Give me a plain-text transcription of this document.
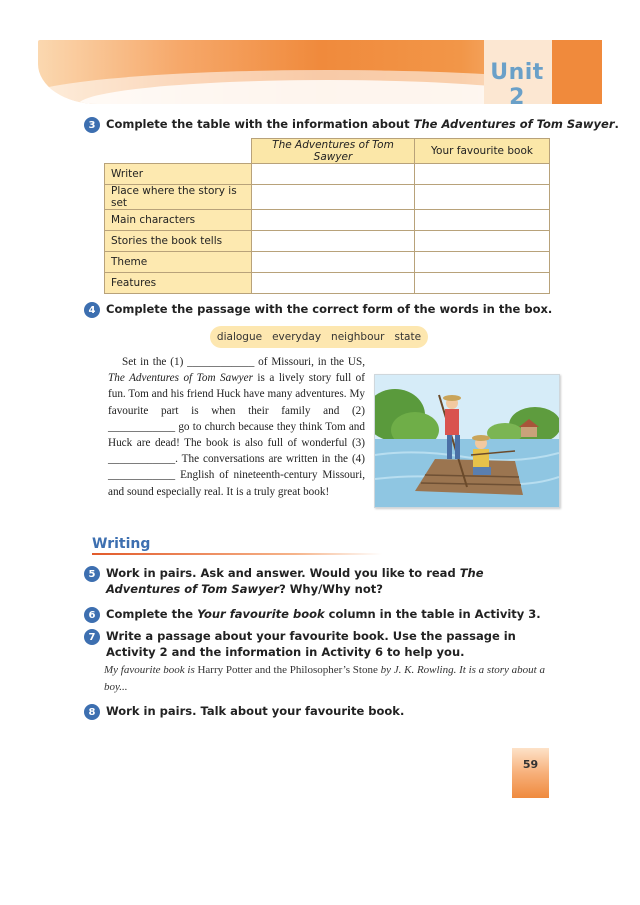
Unit 2
3 Complete the table with the information about The Adventures of Tom Sawyer.
	The Adventures of Tom Sawyer	Your favourite book
Writer		
Place where the story is set		
Main characters		
Stories the book tells		
Theme		
Features		
4 Complete the passage with the correct form of the words in the box.
dialogue everyday neighbour state

Set in the (1) ____________ of Missouri, in the US, The Adventures of Tom Sawyer is a lively story full of fun. Tom and his friend Huck have many adventures. My favourite part is when their family and (2) ____________ go to church because they think Tom and Huck are dead! The book is also full of wonderful (3) ____________. The conversations are written in the (4) ____________ English of nineteenth-century Missouri, and sound especially real. It is a truly great book!

Writing
5 Work in pairs. Ask and answer. Would you like to read The Adventures of Tom Sawyer? Why/Why not?
6 Complete the Your favourite book column in the table in Activity 3.
7 Write a passage about your favourite book. Use the passage in Activity 2 and the information in Activity 6 to help you.
My favourite book is Harry Potter and the Philosopher’s Stone by J. K. Rowling. It is a story about a boy...
8 Work in pairs. Talk about your favourite book.
59
